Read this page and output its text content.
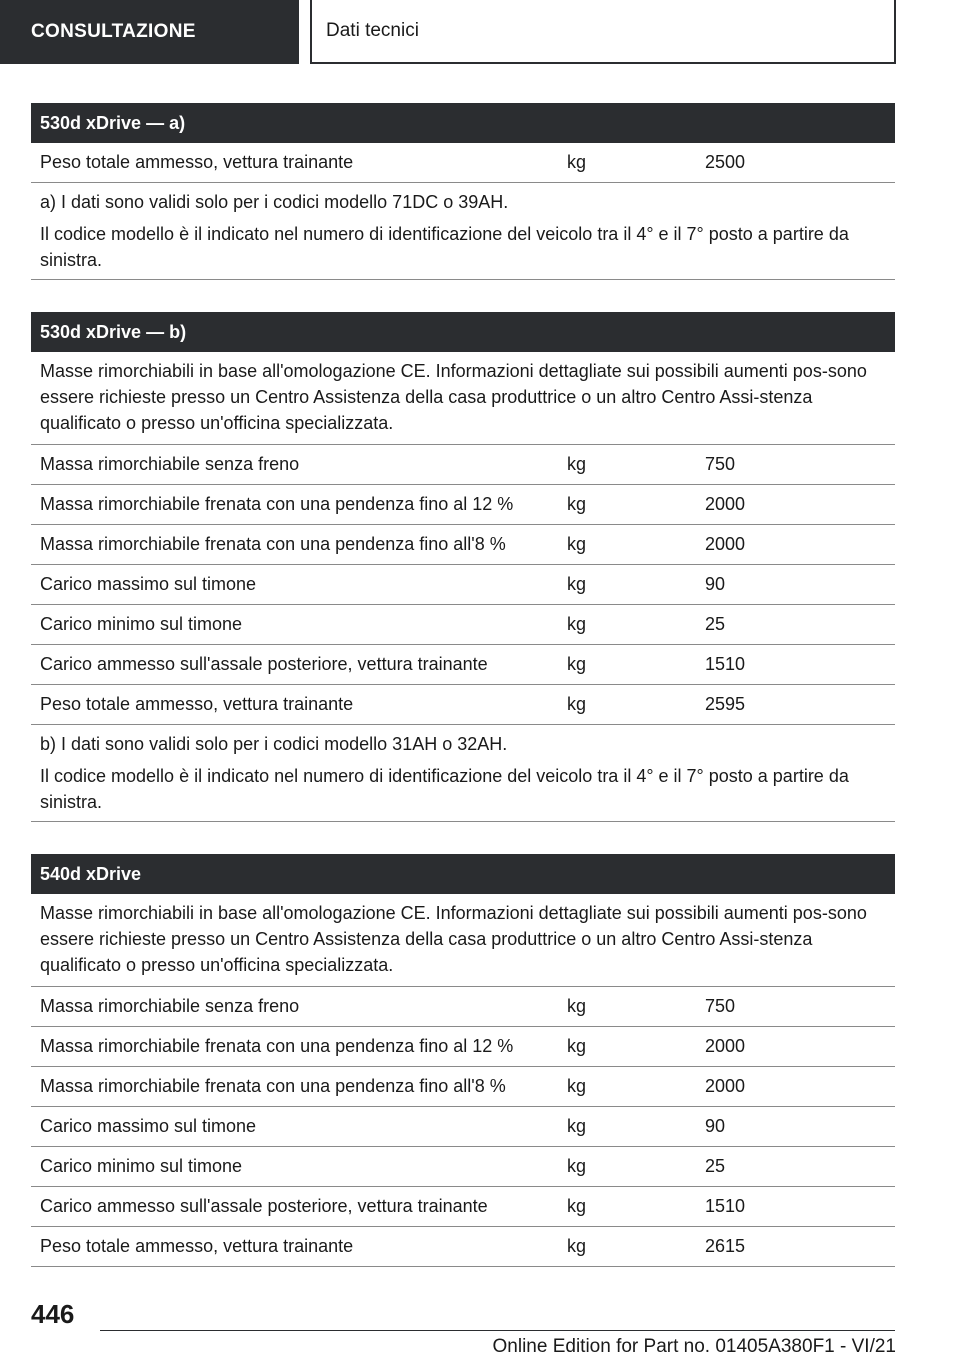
CONSULTAZIONE	Dati tecnici
530d xDrive — a)
Peso totale ammesso, vettura trainante	kg	2500

a) I dati sono validi solo per i codici modello 71DC o 39AH.

Il codice modello è il indicato nel numero di identificazione del veicolo tra il 4° e il 7° posto a partire da sinistra.

530d xDrive — b)
Masse rimorchiabili in base all'omologazione CE. Informazioni dettagliate sui possibili aumenti pos-sono essere richieste presso un Centro Assistenza della casa produttrice o un altro Centro Assi-stenza qualificato o presso un'officina specializzata.
Massa rimorchiabile senza freno	kg	750
Massa rimorchiabile frenata con una pendenza fino al 12 %	kg	2000
Massa rimorchiabile frenata con una pendenza fino all'8 %	kg	2000
Carico massimo sul timone	kg	90
Carico minimo sul timone	kg	25
Carico ammesso sull'assale posteriore, vettura trainante	kg	1510
Peso totale ammesso, vettura trainante	kg	2595

b) I dati sono validi solo per i codici modello 31AH o 32AH.

Il codice modello è il indicato nel numero di identificazione del veicolo tra il 4° e il 7° posto a partire da sinistra.

540d xDrive
Masse rimorchiabili in base all'omologazione CE. Informazioni dettagliate sui possibili aumenti pos-sono essere richieste presso un Centro Assistenza della casa produttrice o un altro Centro Assi-stenza qualificato o presso un'officina specializzata.
Massa rimorchiabile senza freno	kg	750
Massa rimorchiabile frenata con una pendenza fino al 12 %	kg	2000
Massa rimorchiabile frenata con una pendenza fino all'8 %	kg	2000
Carico massimo sul timone	kg	90
Carico minimo sul timone	kg	25
Carico ammesso sull'assale posteriore, vettura trainante	kg	1510
Peso totale ammesso, vettura trainante	kg	2615
446
Online Edition for Part no. 01405A380F1 - VI/21
